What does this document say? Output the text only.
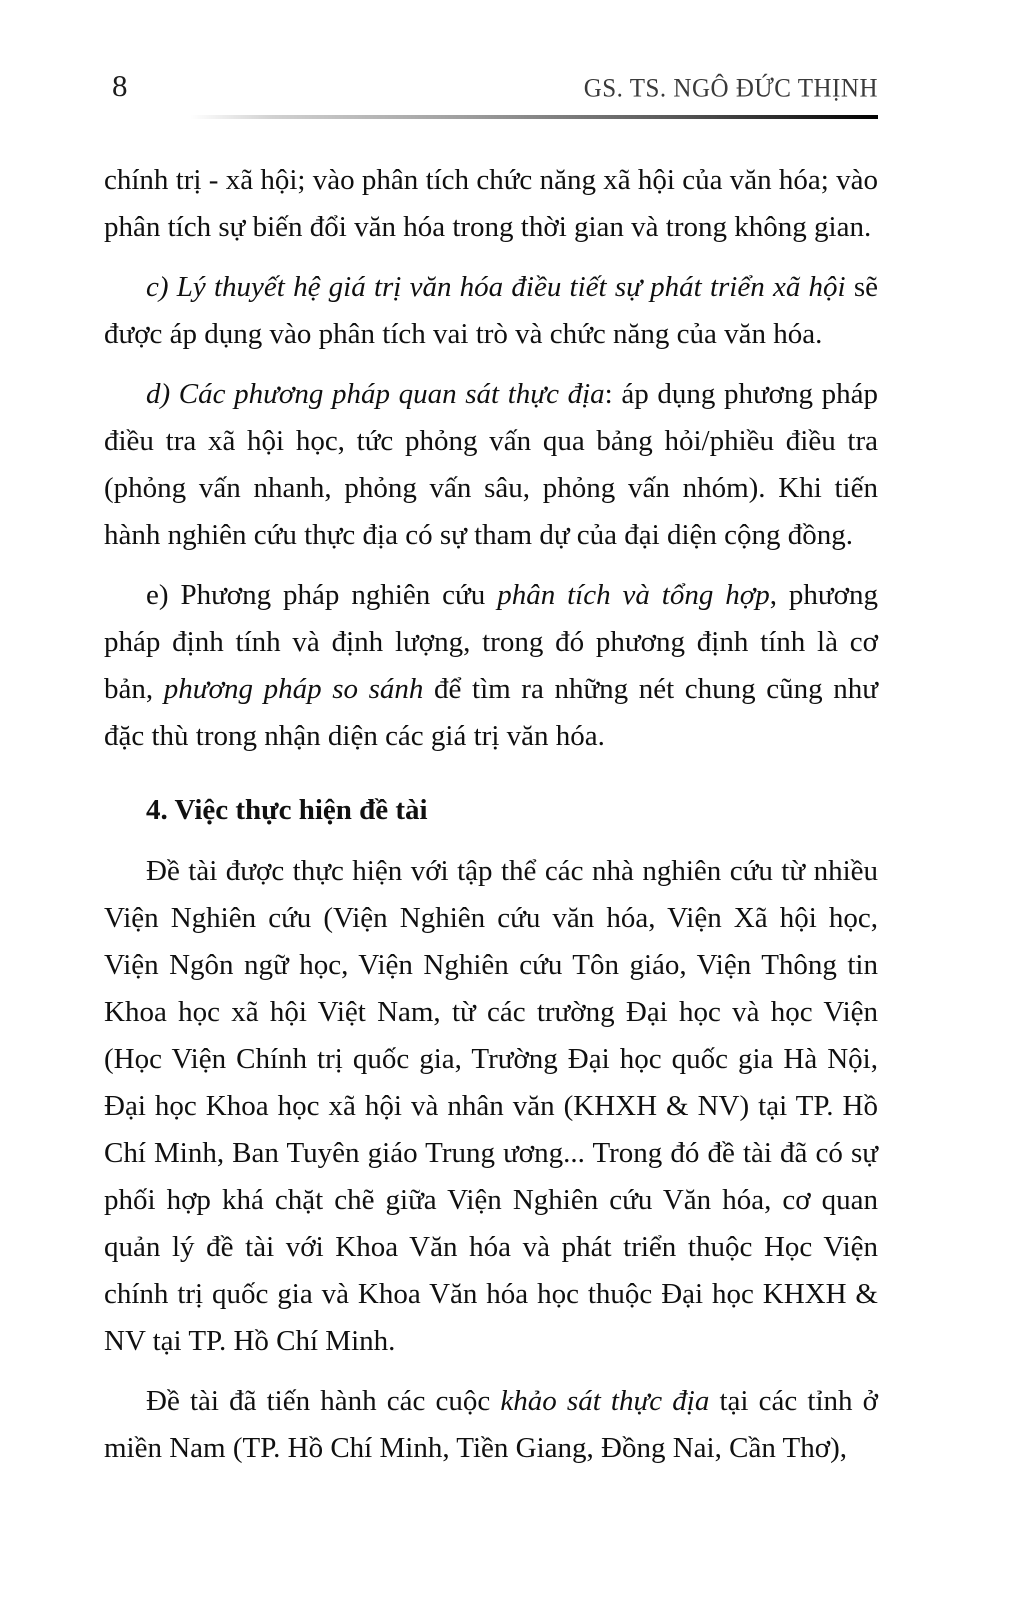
8	GS. TS. NGÔ ĐỨC THỊNH

chính trị - xã hội; vào phân tích chức năng xã hội của văn hóa; vào phân tích sự biến đổi văn hóa trong thời gian và trong không gian.

c) Lý thuyết hệ giá trị văn hóa điều tiết sự phát triển xã hội sẽ được áp dụng vào phân tích vai trò và chức năng của văn hóa.

d) Các phương pháp quan sát thực địa: áp dụng phương pháp điều tra xã hội học, tức phỏng vấn qua bảng hỏi/phiều điều tra (phỏng vấn nhanh, phỏng vấn sâu, phỏng vấn nhóm). Khi tiến hành nghiên cứu thực địa có sự tham dự của đại diện cộng đồng.

e) Phương pháp nghiên cứu phân tích và tổng hợp, phương pháp định tính và định lượng, trong đó phương định tính là cơ bản, phương pháp so sánh để tìm ra những nét chung cũng như đặc thù trong nhận diện các giá trị văn hóa.

4. Việc thực hiện đề tài

Đề tài được thực hiện với tập thể các nhà nghiên cứu từ nhiều Viện Nghiên cứu (Viện Nghiên cứu văn hóa, Viện Xã hội học, Viện Ngôn ngữ học, Viện Nghiên cứu Tôn giáo, Viện Thông tin Khoa học xã hội Việt Nam, từ các trường Đại học và học Viện (Học Viện Chính trị quốc gia, Trường Đại học quốc gia Hà Nội, Đại học Khoa học xã hội và nhân văn (KHXH & NV) tại TP. Hồ Chí Minh, Ban Tuyên giáo Trung ương... Trong đó đề tài đã có sự phối hợp khá chặt chẽ giữa Viện Nghiên cứu Văn hóa, cơ quan quản lý đề tài với Khoa Văn hóa và phát triển thuộc Học Viện chính trị quốc gia và Khoa Văn hóa học thuộc Đại học KHXH & NV tại TP. Hồ Chí Minh.

Đề tài đã tiến hành các cuộc khảo sát thực địa tại các tỉnh ở miền Nam (TP. Hồ Chí Minh, Tiền Giang, Đồng Nai, Cần Thơ),
